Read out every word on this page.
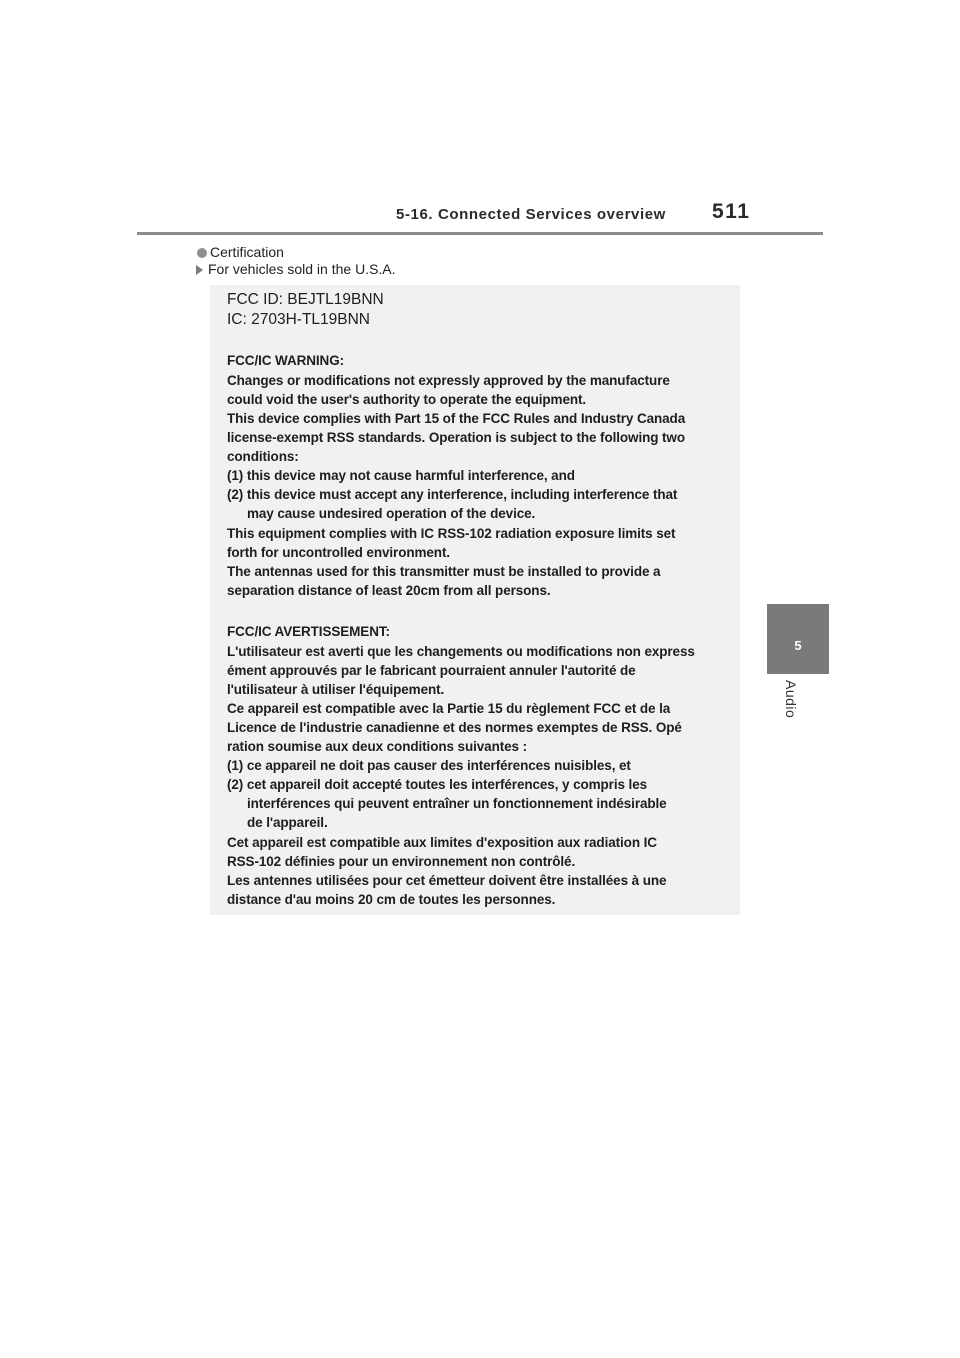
5-16. Connected Services overview 511
5
Audio
Certification
For vehicles sold in the U.S.A.

FCC ID: BEJTL19BNN

IC: 2703H-TL19BNN

FCC/IC WARNING:

Changes or modifications not expressly approved by the manufacture

could void the user's authority to operate the equipment.

This device complies with Part 15 of the FCC Rules and Industry Canada

license-exempt RSS standards. Operation is subject to the following two

conditions:

(1) this device may not cause harmful interference, and

(2) this device must accept any interference, including interference that

may cause undesired operation of the device.

This equipment complies with IC RSS-102 radiation exposure limits set

forth for uncontrolled environment.

The antennas used for this transmitter must be installed to provide a

separation distance of least 20cm from all persons.

FCC/IC AVERTISSEMENT:

L'utilisateur est averti que les changements ou modifications non express

ément approuvés par le fabricant pourraient annuler l'autorité de

l'utilisateur à utiliser l'équipement.

Ce appareil est compatible avec la Partie 15 du règlement FCC et de la

Licence de l'industrie canadienne et des normes exemptes de RSS. Opé

ration soumise aux deux conditions suivantes :

(1) ce appareil ne doit pas causer des interférences nuisibles, et

(2) cet appareil doit accepté toutes les interférences, y compris les

interférences qui peuvent entraîner un fonctionnement indésirable

de l'appareil.

Cet appareil est compatible aux limites d'exposition aux radiation IC

RSS-102 définies pour un environnement non contrôlé.

Les antennes utilisées pour cet émetteur doivent être installées à une

distance d'au moins 20 cm de toutes les personnes.
